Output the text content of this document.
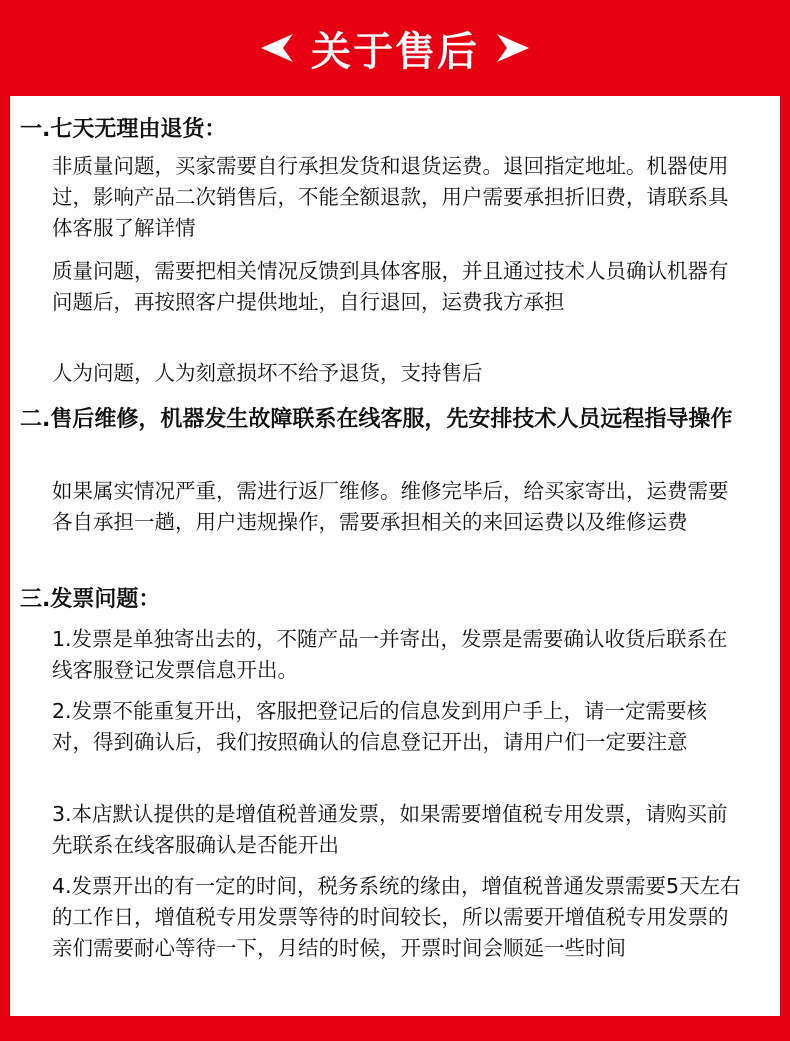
关于售后
一.七天无理由退货：
非质量问题，买家需要自行承担发货和退货运费。退回指定地址。机器使用过，影响产品二次销售后，不能全额退款，用户需要承担折旧费，请联系具体客服了解详情
质量问题，需要把相关情况反馈到具体客服，并且通过技术人员确认机器有问题后，再按照客户提供地址，自行退回，运费我方承担
人为问题，人为刻意损坏不给予退货，支持售后
二.售后维修，机器发生故障联系在线客服，先安排技术人员远程指导操作
如果属实情况严重，需进行返厂维修。维修完毕后，给买家寄出，运费需要各自承担一趟，用户违规操作，需要承担相关的来回运费以及维修运费
三.发票问题：
1.发票是单独寄出去的，不随产品一并寄出，发票是需要确认收货后联系在线客服登记发票信息开出。
2.发票不能重复开出，客服把登记后的信息发到用户手上，请一定需要核对，得到确认后，我们按照确认的信息登记开出，请用户们一定要注意
3.本店默认提供的是增值税普通发票，如果需要增值税专用发票，请购买前先联系在线客服确认是否能开出
4.发票开出的有一定的时间，税务系统的缘由，增值税普通发票需要5天左右的工作日，增值税专用发票等待的时间较长，所以需要开增值税专用发票的亲们需要耐心等待一下，月结的时候，开票时间会顺延一些时间
